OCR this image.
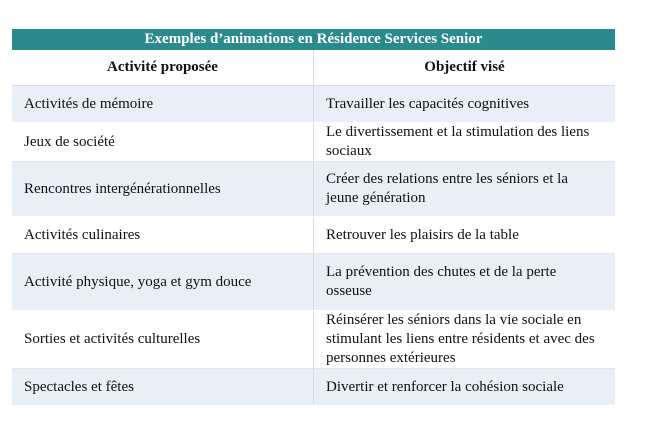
Exemples d’animations en Résidence Services Senior	
Activité proposée	Objectif visé
Activités de mémoire	Travailler les capacités cognitives
Jeux de société	Le divertissement et la stimulation des liens sociaux
Rencontres intergénérationnelles	Créer des relations entre les séniors et la jeune génération
Activités culinaires	Retrouver les plaisirs de la table
Activité physique, yoga et gym douce	La prévention des chutes et de la perte osseuse
Sorties et activités culturelles	Réinsérer les séniors dans la vie sociale en stimulant les liens entre résidents et avec des personnes extérieures
Spectacles et fêtes	Divertir et renforcer la cohésion sociale
